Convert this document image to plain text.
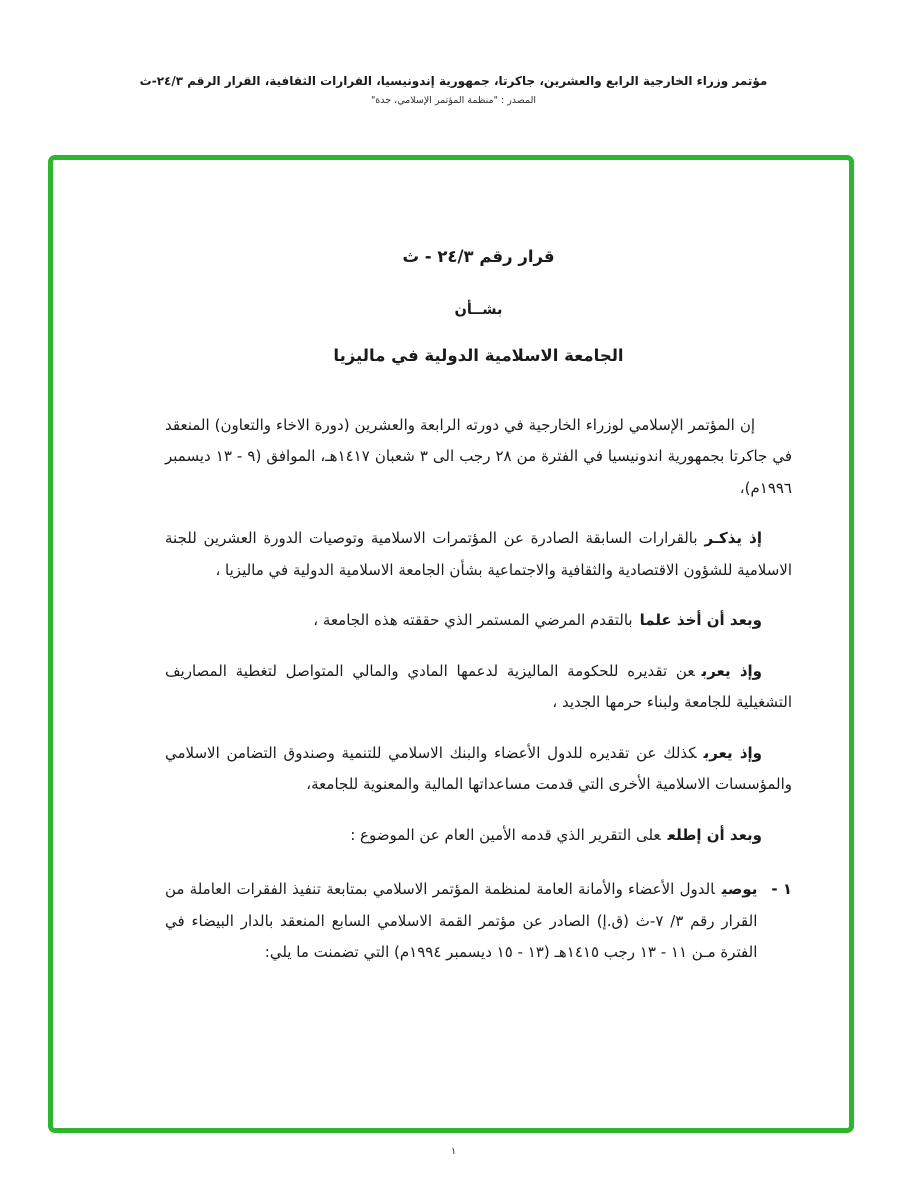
مؤتمر وزراء الخارجية الرابع والعشرين، جاكرتا، جمهورية إندونيسيا، القرارات الثقافية، القرار الرقم ٢٤/٣-ث
المصدر : "منظمة المؤتمر الإسلامي، جدة"
قرار رقم ٢٤/٣ - ث
بشــأن
الجامعة الاسلامية الدولية في ماليزيا

إن المؤتمر الإسلامي لوزراء الخارجية في دورته الرابعة والعشرين (دورة الاخاء والتعاون) المنعقد في جاكرتا بجمهورية اندونيسيا في الفترة من ٢٨ رجب الى ٣ شعبان ١٤١٧هـ، الموافق (٩ - ١٣ ديسمبر ١٩٩٦م)،

إذ يذكـربالقرارات السابقة الصادرة عن المؤتمرات الاسلامية وتوصيات الدورة العشرين للجنة الاسلامية للشؤون الاقتصادية والثقافية والاجتماعية بشأن الجامعة الاسلامية الدولية في ماليزيا ،

وبعد أن أخذ علمابالتقدم المرضي المستمر الذي حققته هذه الجامعة ،

وإذ يعربعن تقديره للحكومة الماليزية لدعمها المادي والمالي المتواصل لتغطية المصاريف التشغيلية للجامعة ولبناء حرمها الجديد ،

وإذ يعربكذلك عن تقديره للدول الأعضاء والبنك الاسلامي للتنمية وصندوق التضامن الاسلامي والمؤسسات الاسلامية الأخرى التي قدمت مساعداتها المالية والمعنوية للجامعة،

وبعد أن إطلععلى التقرير الذي قدمه الأمين العام عن الموضوع :

١ -
يوصيالدول الأعضاء والأمانة العامة لمنظمة المؤتمر الاسلامي بمتابعة تنفيذ الفقرات العاملة من القرار رقم ٣/ ٧-ث (ق.إ) الصادر عن مؤتمر القمة الاسلامي السابع المنعقد بالدار البيضاء في الفترة مـن ١١ - ١٣ رجب ١٤١٥هـ (١٣ - ١٥ ديسمبر ١٩٩٤م) التي تضمنت ما يلي:
١
